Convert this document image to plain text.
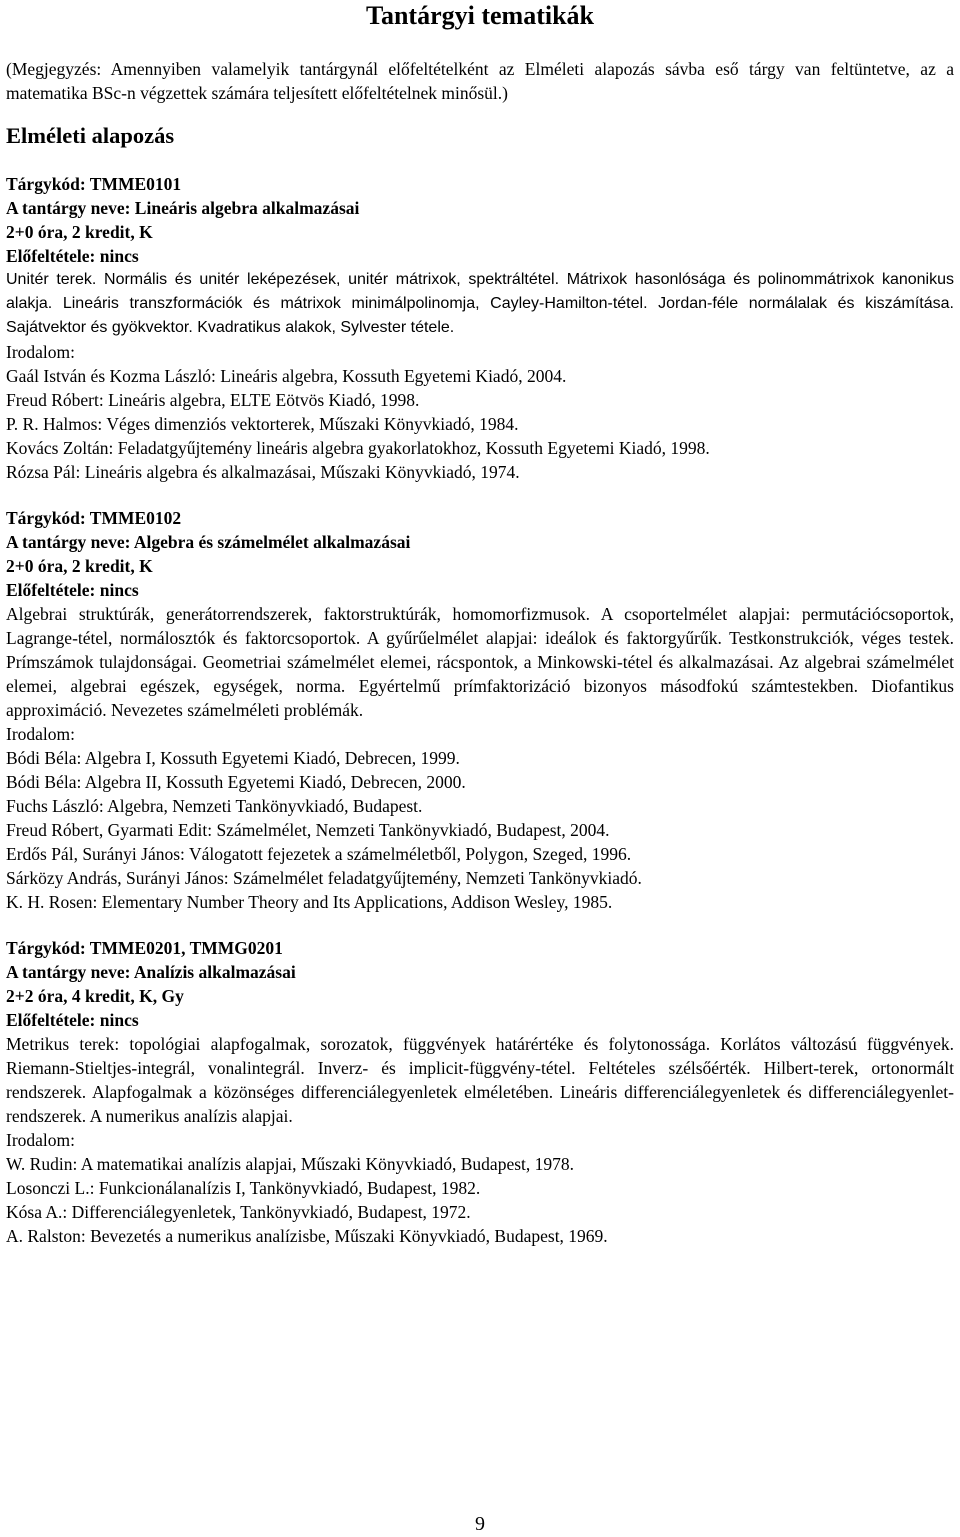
Tantárgyi tematikák

(Megjegyzés: Amennyiben valamelyik tantárgynál előfeltételként az Elméleti alapozás sávba eső tárgy van feltüntetve, az a matematika BSc-n végzettek számára teljesített előfeltételnek minősül.)

Elméleti alapozás

Tárgykód: TMME0101

A tantárgy neve: Lineáris algebra alkalmazásai

2+0 óra, 2 kredit, K

Előfeltétele: nincs

Unitér terek. Normális és unitér leképezések, unitér mátrixok, spektráltétel. Mátrixok hasonlósága és polinommátrixok kanonikus alakja. Lineáris transzformációk és mátrixok minimálpolinomja, Cayley-Hamilton-tétel. Jordan-féle normálalak és kiszámítása. Sajátvektor és gyökvektor. Kvadratikus alakok, Sylvester tétele.

Irodalom:

Gaál István és Kozma László: Lineáris algebra, Kossuth Egyetemi Kiadó, 2004.
Freud Róbert: Lineáris algebra, ELTE Eötvös Kiadó, 1998.
P. R. Halmos: Véges dimenziós vektorterek, Műszaki Könyvkiadó, 1984.
Kovács Zoltán: Feladatgyűjtemény lineáris algebra gyakorlatokhoz, Kossuth Egyetemi Kiadó, 1998.
Rózsa Pál: Lineáris algebra és alkalmazásai, Műszaki Könyvkiadó, 1974.

Tárgykód: TMME0102

A tantárgy neve: Algebra és számelmélet alkalmazásai

2+0 óra, 2 kredit, K

Előfeltétele: nincs

Algebrai struktúrák, generátorrendszerek, faktorstruktúrák, homomorfizmusok. A csoportelmélet alapjai: permutációcsoportok, Lagrange-tétel, normálosztók és faktorcsoportok. A gyűrűelmélet alapjai: ideálok és faktorgyűrűk. Testkonstrukciók, véges testek. Prímszámok tulajdonságai. Geometriai számelmélet elemei, rácspontok, a Minkowski-tétel és alkalmazásai. Az algebrai számelmélet elemei, algebrai egészek, egységek, norma. Egyértelmű prímfaktorizáció bizonyos másodfokú számtestekben. Diofantikus approximáció. Nevezetes számelméleti problémák.

Irodalom:

Bódi Béla: Algebra I, Kossuth Egyetemi Kiadó, Debrecen, 1999.
Bódi Béla: Algebra II, Kossuth Egyetemi Kiadó, Debrecen, 2000.
Fuchs László: Algebra, Nemzeti Tankönyvkiadó, Budapest.
Freud Róbert, Gyarmati Edit: Számelmélet, Nemzeti Tankönyvkiadó, Budapest, 2004.
Erdős Pál, Surányi János: Válogatott fejezetek a számelméletből, Polygon, Szeged, 1996.
Sárközy András, Surányi János: Számelmélet feladatgyűjtemény, Nemzeti Tankönyvkiadó.
K. H. Rosen: Elementary Number Theory and Its Applications, Addison Wesley, 1985.

Tárgykód: TMME0201, TMMG0201

A tantárgy neve: Analízis alkalmazásai

2+2 óra, 4 kredit, K, Gy

Előfeltétele: nincs

Metrikus terek: topológiai alapfogalmak, sorozatok, függvények határértéke és folytonossága. Korlátos változású függvények. Riemann-Stieltjes-integrál, vonalintegrál. Inverz- és implicit-függvény-tétel. Feltételes szélsőérték. Hilbert-terek, ortonormált rendszerek. Alapfogalmak a közönséges differenciálegyenletek elméletében. Lineáris differenciálegyenletek és differenciálegyenlet-rendszerek. A numerikus analízis alapjai.

Irodalom:

W. Rudin: A matematikai analízis alapjai, Műszaki Könyvkiadó, Budapest, 1978.
Losonczi L.: Funkcionálanalízis I, Tankönyvkiadó, Budapest, 1982.
Kósa A.: Differenciálegyenletek, Tankönyvkiadó, Budapest, 1972.
A. Ralston: Bevezetés a numerikus analízisbe, Műszaki Könyvkiadó, Budapest, 1969.
9
